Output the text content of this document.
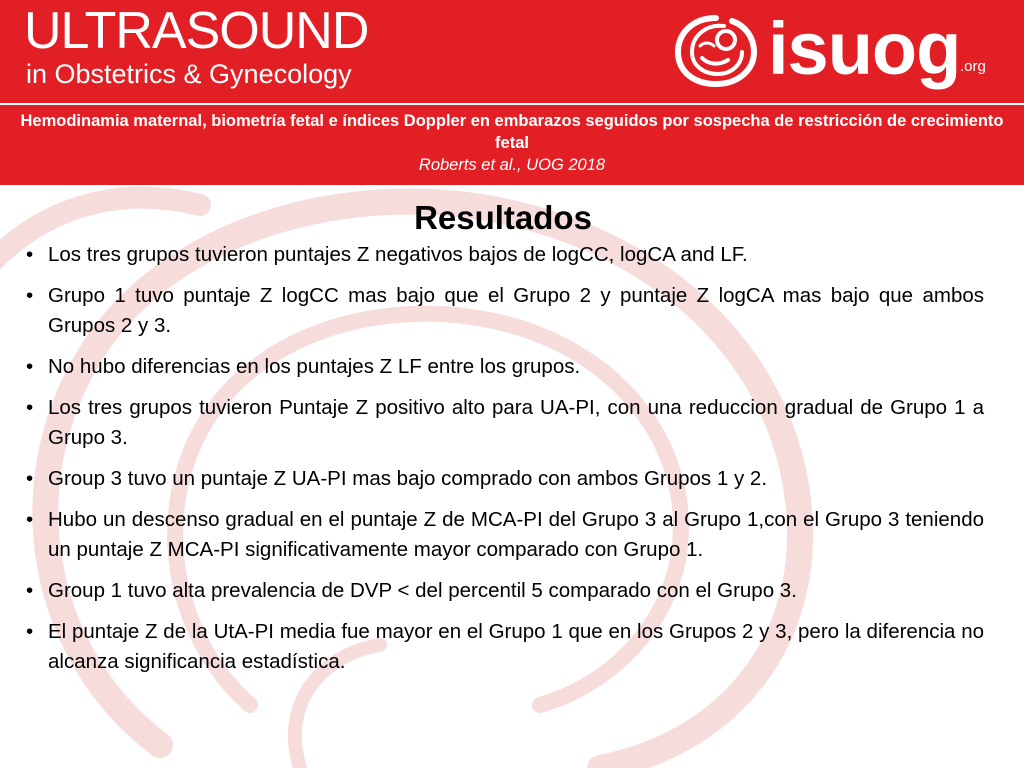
ULTRASOUND
in Obstetrics & Gynecology	isuog .org
Hemodinamia maternal, biometría fetal e índices Doppler en embarazos seguidos por sospecha de restricción de crecimiento fetal
Roberts et al., UOG 2018
Resultados
• Los tres grupos tuvieron puntajes Z negativos bajos de logCC, logCA and LF.
• Grupo 1 tuvo puntaje Z logCC mas bajo que el Grupo 2 y puntaje Z logCA mas bajo que ambos Grupos 2 y 3.
• No hubo diferencias en los puntajes Z LF entre los grupos.
• Los tres grupos tuvieron Puntaje Z positivo alto para UA-PI, con una reduccion gradual de Grupo 1 a Grupo 3.
• Group 3 tuvo un puntaje Z UA-PI mas bajo comprado con ambos Grupos 1 y 2.
• Hubo un descenso gradual en el puntaje Z de MCA-PI del Grupo 3 al Grupo 1,con el Grupo 3 teniendo un puntaje Z MCA-PI significativamente mayor comparado con Grupo 1.
• Group 1 tuvo alta prevalencia de DVP < del percentil 5 comparado con el Grupo 3.
• El puntaje Z de la UtA-PI media fue mayor en el Grupo 1 que en los Grupos 2 y 3, pero la diferencia no alcanza significancia estadística.
